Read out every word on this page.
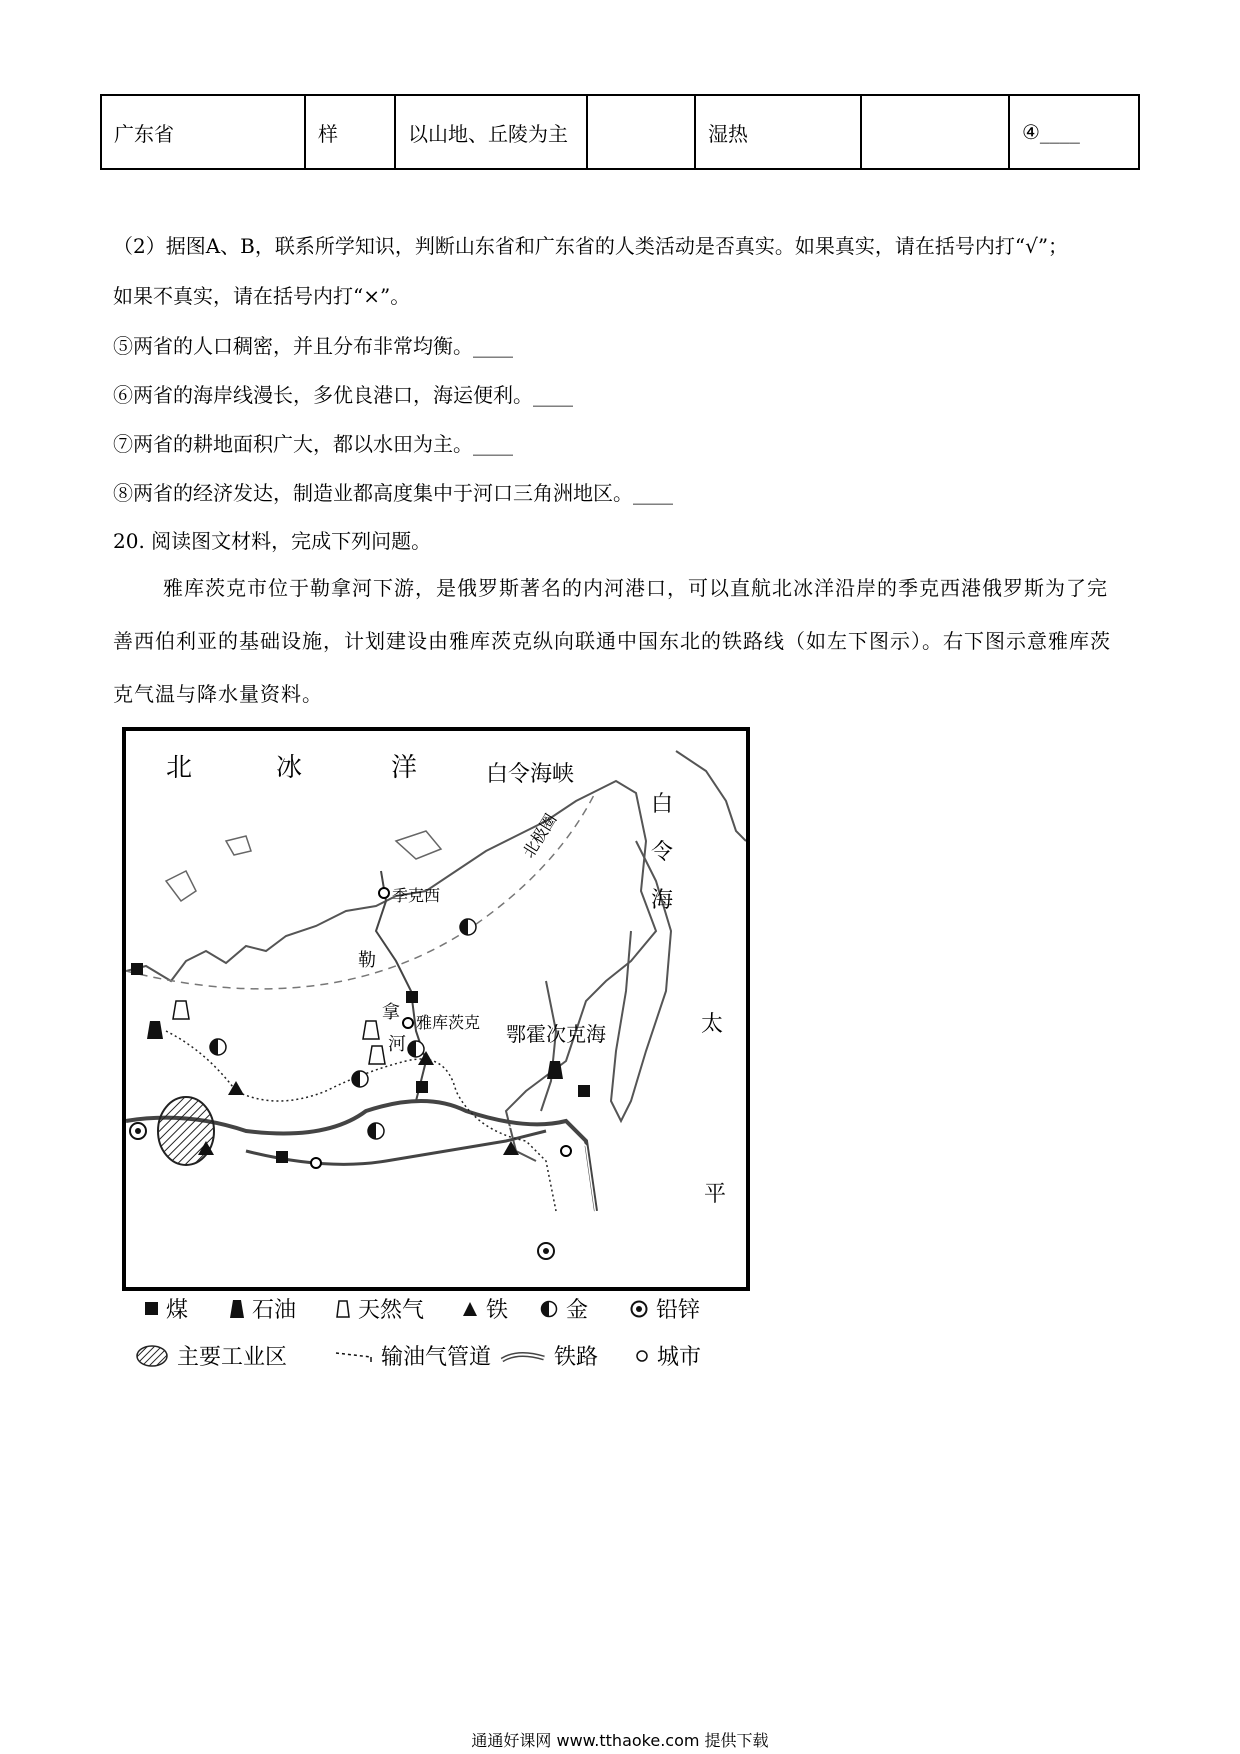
广东省	样	以山地、丘陵为主		湿热		④____
（2）据图A、B，联系所学知识，判断山东省和广东省的人类活动是否真实。如果真实，请在括号内打“√”；
如果不真实，请在括号内打“×”。
⑤两省的人口稠密，并且分布非常均衡。____
⑥两省的海岸线漫长，多优良港口，海运便利。____
⑦两省的耕地面积广大，都以水田为主。____
⑧两省的经济发达，制造业都高度集中于河口三角洲地区。____
20. 阅读图文材料，完成下列问题。
雅库茨克市位于勒拿河下游，是俄罗斯著名的内河港口，可以直航北冰洋沿岸的季克西港俄罗斯为了完善西伯利亚的基础设施，计划建设由雅库茨克纵向联通中国东北的铁路线（如左下图示）。右下图示意雅库茨克气温与降水量资料。
北	冰	洋	白令海峡
北极圈
白
令
海
太
平
鄂霍次克海
季克西
雅库茨克
勒
拿
河
煤	石油	天然气	铁	金	铅锌
主要工业区	输油气管道	铁路	城市
通通好课网 www.tthaoke.com 提供下载
